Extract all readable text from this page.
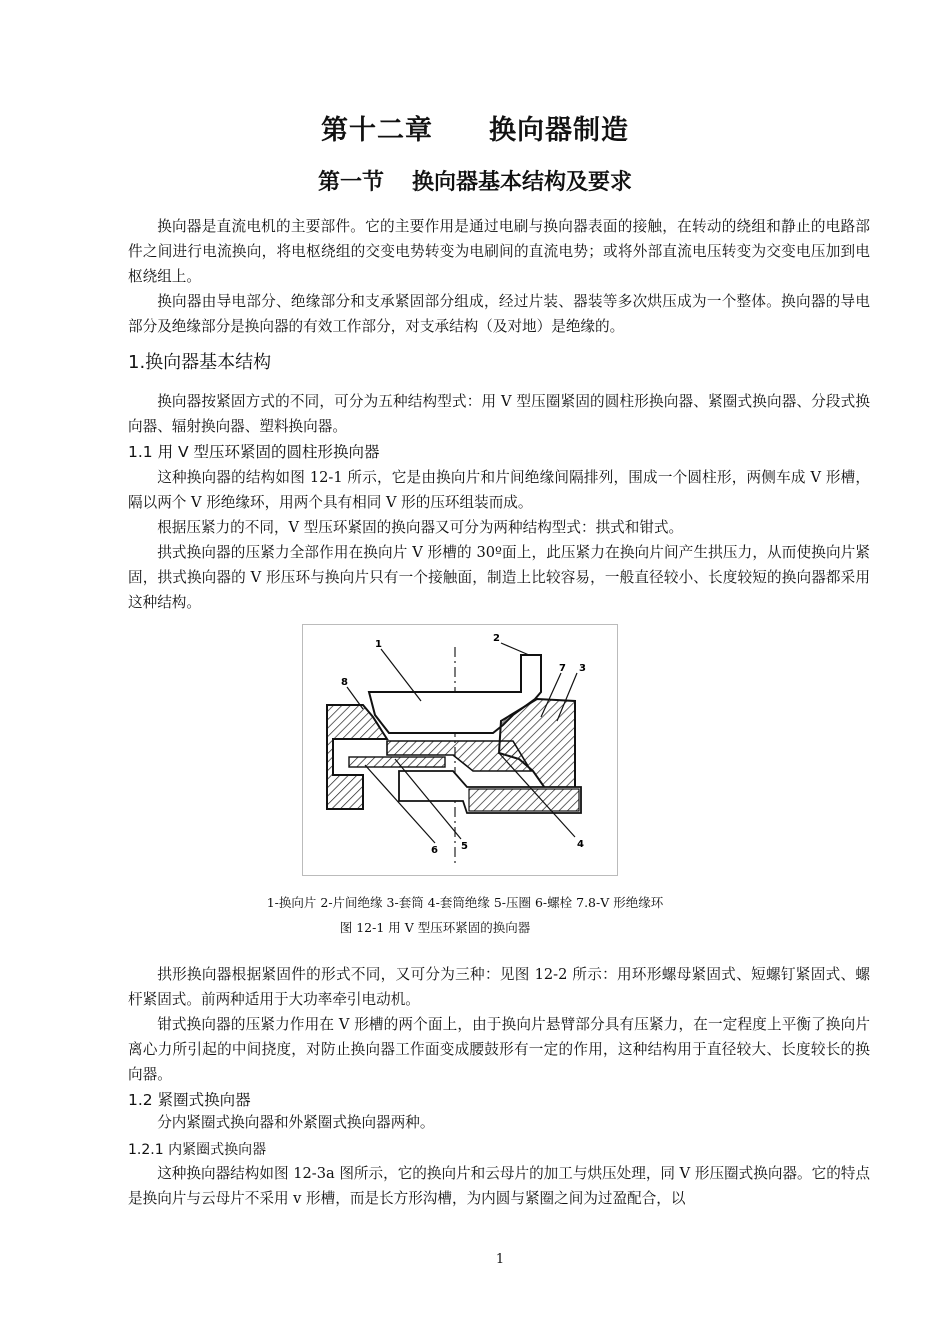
第十二章 换向器制造
第一节 换向器基本结构及要求
换向器是直流电机的主要部件。它的主要作用是通过电刷与换向器表面的接触，在转动的绕组和静止的电路部件之间进行电流换向，将电枢绕组的交变电势转变为电刷间的直流电势；或将外部直流电压转变为交变电压加到电枢绕组上。
换向器由导电部分、绝缘部分和支承紧固部分组成，经过片装、器装等多次烘压成为一个整体。换向器的导电部分及绝缘部分是换向器的有效工作部分，对支承结构（及对地）是绝缘的。
1.换向器基本结构
换向器按紧固方式的不同，可分为五种结构型式：用 V 型压圈紧固的圆柱形换向器、紧圈式换向器、分段式换向器、辐射换向器、塑料换向器。
1.1 用 V 型压环紧固的圆柱形换向器
这种换向器的结构如图 12-1 所示，它是由换向片和片间绝缘间隔排列，围成一个圆柱形，两侧车成 V 形槽，隔以两个 V 形绝缘环，用两个具有相同 V 形的压环组装而成。
根据压紧力的不同，V 型压环紧固的换向器又可分为两种结构型式：拱式和钳式。
拱式换向器的压紧力全部作用在换向片 V 形槽的 30º面上，此压紧力在换向片间产生拱压力，从而使换向片紧固，拱式换向器的 V 形压环与换向片只有一个接触面，制造上比较容易，一般直径较小、长度较短的换向器都采用这种结构。
1
2
3
4
5
6
7
8
1-换向片 2-片间绝缘 3-套筒 4-套筒绝缘 5-压圈 6-螺栓 7.8-V 形绝缘环
图 12-1 用 V 型压环紧固的换向器
拱形换向器根据紧固件的形式不同，又可分为三种：见图 12-2 所示：用环形螺母紧固式、短螺钉紧固式、螺杆紧固式。前两种适用于大功率牵引电动机。
钳式换向器的压紧力作用在 V 形槽的两个面上，由于换向片悬臂部分具有压紧力，在一定程度上平衡了换向片离心力所引起的中间挠度，对防止换向器工作面变成腰鼓形有一定的作用，这种结构用于直径较大、长度较长的换向器。
1.2 紧圈式换向器
分内紧圈式换向器和外紧圈式换向器两种。
1.2.1 内紧圈式换向器
这种换向器结构如图 12-3a 图所示，它的换向片和云母片的加工与烘压处理，同 V 形压圈式换向器。它的特点是换向片与云母片不采用 v 形槽，而是长方形沟槽，为内圆与紧圈之间为过盈配合，以
1
